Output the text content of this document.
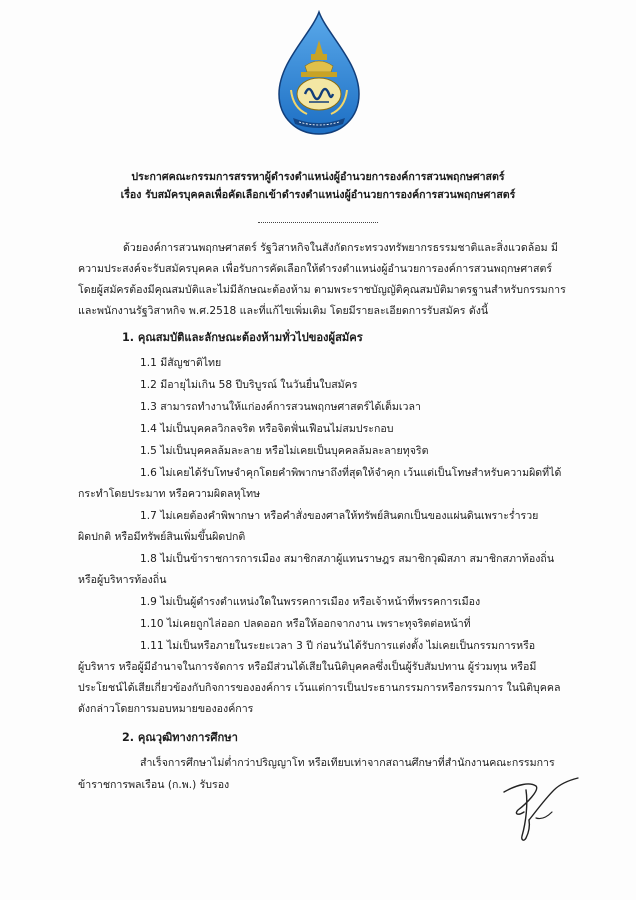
ประกาศคณะกรรมการสรรหาผู้ดำรงตำแหน่งผู้อำนวยการองค์การสวนพฤกษศาสตร์
เรื่อง รับสมัครบุคคลเพื่อคัดเลือกเข้าดำรงตำแหน่งผู้อำนวยการองค์การสวนพฤกษศาสตร์
ด้วยองค์การสวนพฤกษศาสตร์ รัฐวิสาหกิจในสังกัดกระทรวงทรัพยากรธรรมชาติและสิ่งแวดล้อม มี
ความประสงค์จะรับสมัครบุคคล เพื่อรับการคัดเลือกให้ดำรงตำแหน่งผู้อำนวยการองค์การสวนพฤกษศาสตร์
โดยผู้สมัครต้องมีคุณสมบัติและไม่มีลักษณะต้องห้าม ตามพระราชบัญญัติคุณสมบัติมาตรฐานสำหรับกรรมการ
และพนักงานรัฐวิสาหกิจ พ.ศ.2518 และที่แก้ไขเพิ่มเติม โดยมีรายละเอียดการรับสมัคร ดังนี้
1. คุณสมบัติและลักษณะต้องห้ามทั่วไปของผู้สมัคร
1.1 มีสัญชาติไทย
1.2 มีอายุไม่เกิน 58 ปีบริบูรณ์ ในวันยื่นใบสมัคร
1.3 สามารถทำงานให้แก่องค์การสวนพฤกษศาสตร์ได้เต็มเวลา
1.4 ไม่เป็นบุคคลวิกลจริต หรือจิตฟั่นเฟือนไม่สมประกอบ
1.5 ไม่เป็นบุคคลล้มละลาย หรือไม่เคยเป็นบุคคลล้มละลายทุจริต
1.6 ไม่เคยได้รับโทษจำคุกโดยคำพิพากษาถึงที่สุดให้จำคุก เว้นแต่เป็นโทษสำหรับความผิดที่ได้
กระทำโดยประมาท หรือความผิดลหุโทษ
1.7 ไม่เคยต้องคำพิพากษา หรือคำสั่งของศาลให้ทรัพย์สินตกเป็นของแผ่นดินเพราะร่ำรวย
ผิดปกติ หรือมีทรัพย์สินเพิ่มขึ้นผิดปกติ
1.8 ไม่เป็นข้าราชการการเมือง สมาชิกสภาผู้แทนราษฎร สมาชิกวุฒิสภา สมาชิกสภาท้องถิ่น
หรือผู้บริหารท้องถิ่น
1.9 ไม่เป็นผู้ดำรงตำแหน่งใดในพรรคการเมือง หรือเจ้าหน้าที่พรรคการเมือง
1.10 ไม่เคยถูกไล่ออก ปลดออก หรือให้ออกจากงาน เพราะทุจริตต่อหน้าที่
1.11 ไม่เป็นหรือภายในระยะเวลา 3 ปี ก่อนวันได้รับการแต่งตั้ง ไม่เคยเป็นกรรมการหรือ
ผู้บริหาร หรือผู้มีอำนาจในการจัดการ หรือมีส่วนได้เสียในนิติบุคคลซึ่งเป็นผู้รับสัมปทาน ผู้ร่วมทุน หรือมี
ประโยชน์ได้เสียเกี่ยวข้องกับกิจการขององค์การ เว้นแต่การเป็นประธานกรรมการหรือกรรมการ ในนิติบุคคล
ดังกล่าวโดยการมอบหมายขององค์การ
2. คุณวุฒิทางการศึกษา
สำเร็จการศึกษาไม่ต่ำกว่าปริญญาโท หรือเทียบเท่าจากสถานศึกษาที่สำนักงานคณะกรรมการ
ข้าราชการพลเรือน (ก.พ.) รับรอง
